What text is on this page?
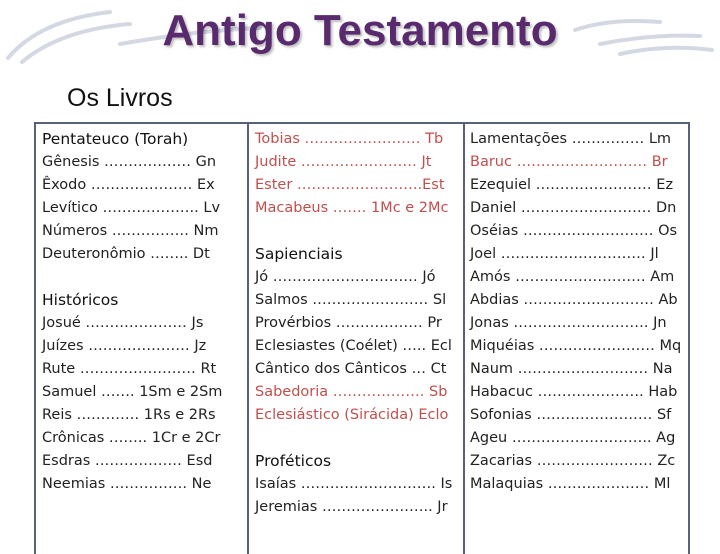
Antigo Testamento
Os Livros
Pentateuco (Torah)
Gênesis ……………… Gn
Êxodo ………………… Ex
Levítico ……………….. Lv
Números ……………. Nm
Deuteronômio …….. Dt
Históricos
Josué ………………… Js
Juízes ………………… Jz
Rute …………………… Rt
Samuel ……. 1Sm e 2Sm
Reis …………. 1Rs e 2Rs
Crônicas …….. 1Cr e 2Cr
Esdras ……………… Esd
Neemias ……………. Ne
Tobias …………………… Tb
Judite …………………… Jt
Ester ……………………..Est
Macabeus ……. 1Mc e 2Mc
Sapienciais
Jó ………………………… Jó
Salmos …………………… Sl
Provérbios ……………… Pr
Eclesiastes (Coélet) ….. Ecl
Cântico dos Cânticos … Ct
Sabedoria ………………. Sb
Eclesiástico (Sirácida) Eclo
Proféticos
Isaías ………………………. Is
Jeremias ………………….. Jr
Lamentações …………… Lm
Baruc ……………………… Br
Ezequiel …………………… Ez
Daniel ……………………… Dn
Oséias ……………………… Os
Joel ………………………… Jl
Amós ……………………… Am
Abdias ……………………… Ab
Jonas ………………………. Jn
Miquéias …………………… Mq
Naum ……………………… Na
Habacuc …………………. Hab
Sofonias …………………… Sf
Ageu ……………………….. Ag
Zacarias …………………… Zc
Malaquias ………………… Ml
